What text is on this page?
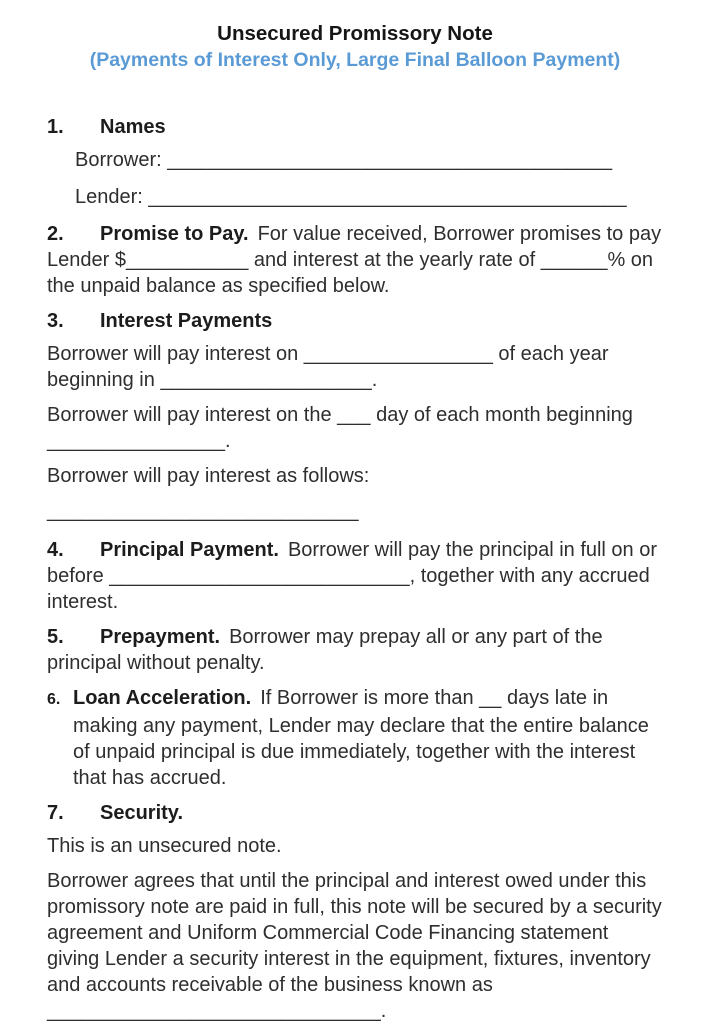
Unsecured Promissory Note
(Payments of Interest Only, Large Final Balloon Payment)
1. Names
Borrower: ________________________________________
Lender: ___________________________________________

2. Promise to Pay. For value received, Borrower promises to pay Lender $___________ and interest at the yearly rate of ______% on the unpaid balance as specified below.

3. Interest Payments

Borrower will pay interest on _________________ of each year beginning in ___________________.

Borrower will pay interest on the ___ day of each month beginning ________________.

Borrower will pay interest as follows:

____________________________

4. Principal Payment. Borrower will pay the principal in full on or before ___________________________, together with any accrued interest.

5. Prepayment. Borrower may prepay all or any part of the principal without penalty.

6. Loan Acceleration. If Borrower is more than __ days late in making any payment, Lender may declare that the entire balance of unpaid principal is due immediately, together with the interest that has accrued.

7. Security.

This is an unsecured note.

Borrower agrees that until the principal and interest owed under this promissory note are paid in full, this note will be secured by a security agreement and Uniform Commercial Code Financing statement giving Lender a security interest in the equipment, fixtures, inventory and accounts receivable of the business known as ______________________________.
